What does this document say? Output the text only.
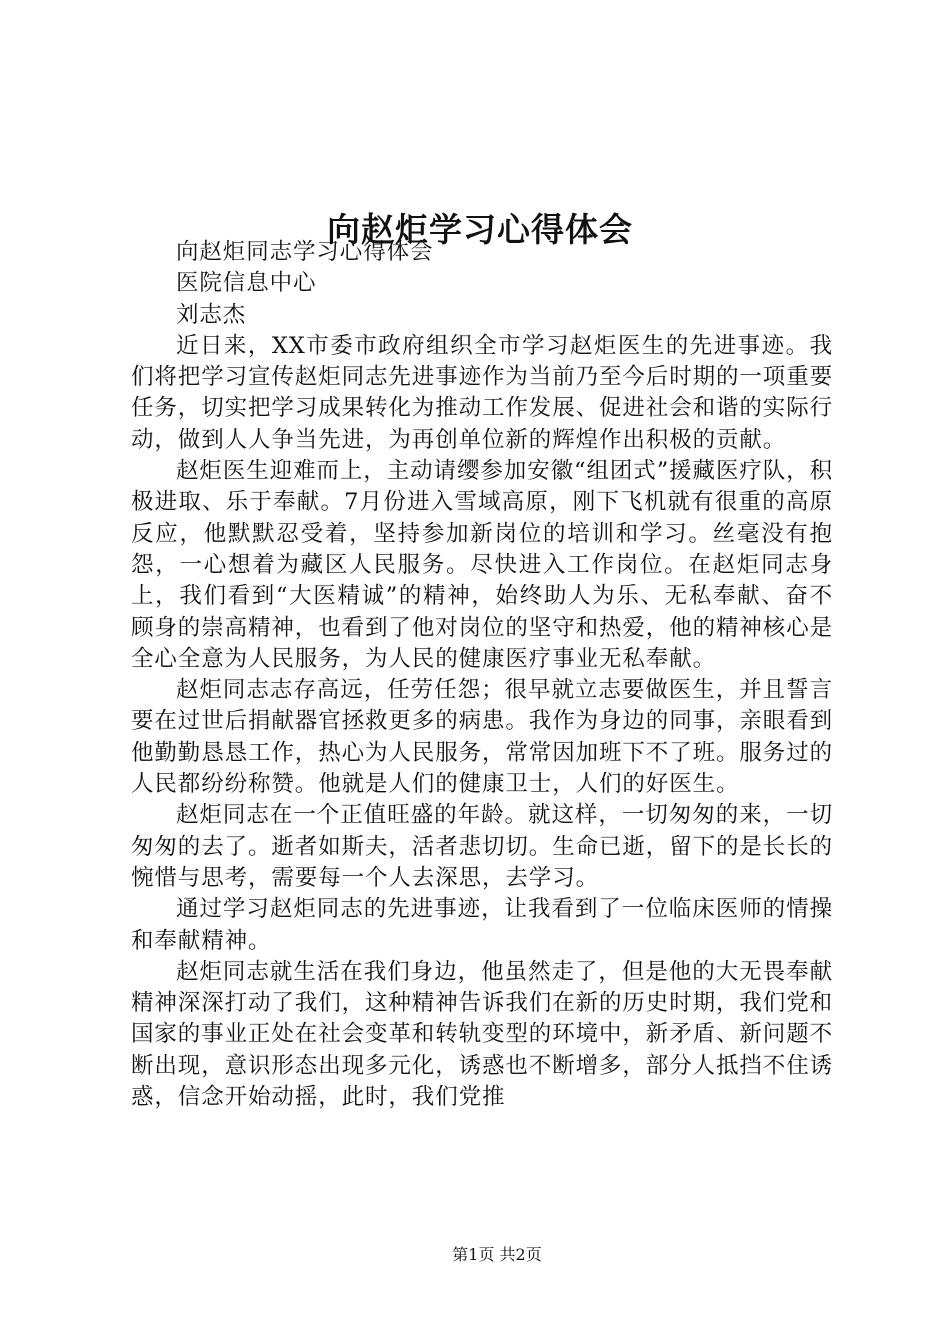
向赵炬学习心得体会

向赵炬同志学习心得体会

医院信息中心

刘志杰

近日来，XX市委市政府组织全市学习赵炬医生的先进事迹。我们将把学习宣传赵炬同志先进事迹作为当前乃至今后时期的一项重要任务，切实把学习成果转化为推动工作发展、促进社会和谐的实际行动，做到人人争当先进，为再创单位新的辉煌作出积极的贡献。

赵炬医生迎难而上，主动请缨参加安徽“组团式”援藏医疗队，积极进取、乐于奉献。7月份进入雪域高原，刚下飞机就有很重的高原反应，他默默忍受着，坚持参加新岗位的培训和学习。丝毫没有抱怨，一心想着为藏区人民服务。尽快进入工作岗位。在赵炬同志身上，我们看到“大医精诚”的精神，始终助人为乐、无私奉献、奋不顾身的崇高精神，也看到了他对岗位的坚守和热爱，他的精神核心是全心全意为人民服务，为人民的健康医疗事业无私奉献。

赵炬同志志存高远，任劳任怨；很早就立志要做医生，并且誓言要在过世后捐献器官拯救更多的病患。我作为身边的同事，亲眼看到他勤勤恳恳工作，热心为人民服务，常常因加班下不了班。服务过的人民都纷纷称赞。他就是人们的健康卫士，人们的好医生。

赵炬同志在一个正值旺盛的年龄。就这样，一切匆匆的来，一切匆匆的去了。逝者如斯夫，活者悲切切。生命已逝，留下的是长长的惋惜与思考，需要每一个人去深思，去学习。

通过学习赵炬同志的先进事迹，让我看到了一位临床医师的情操和奉献精神。

赵炬同志就生活在我们身边，他虽然走了，但是他的大无畏奉献精神深深打动了我们，这种精神告诉我们在新的历史时期，我们党和国家的事业正处在社会变革和转轨变型的环境中，新矛盾、新问题不断出现，意识形态出现多元化，诱惑也不断增多，部分人抵挡不住诱惑，信念开始动摇，此时，我们党推

第1页 共2页
